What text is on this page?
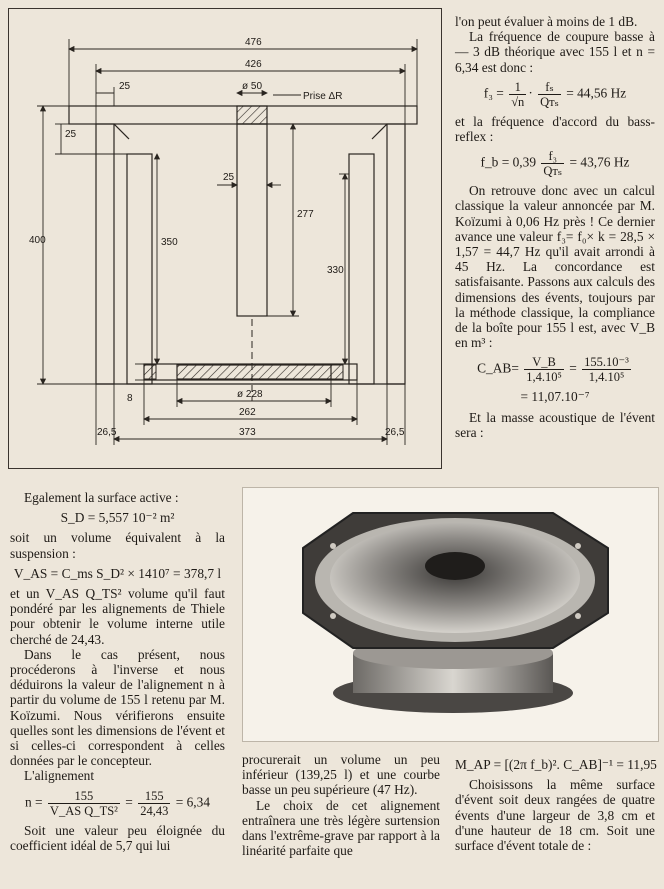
476
426
25	ø 50
Prise ΔR
25
400
25
277
350
330
8	ø 228
262
26,5	373	26,5

l'on peut évaluer à moins de 1 dB.

La fréquence de coupure basse à — 3 dB théorique avec 155 l et n = 6,34 est donc :

$f_3 = \frac{1}{√n} \cdot \frac{\text{fₛ}}{\text{Qᴛₛ}} = 44,56$ Hz

et la fréquence d'accord du bass-reflex :

f_b = $0,39 \frac{\text{f₃}}{\text{Qᴛₛ}} = 43,76$ Hz

On retrouve donc avec un calcul classique la valeur annoncée par M. Koïzumi à 0,06 Hz près ! Ce dernier avance une valeur f₃= f₀× k = 28,5 × 1,57 = 44,7 Hz qu'il avait arrondi à 45 Hz. La concordance est satisfaisante. Passons aux calculs des dimensions des évents, toujours par la méthode classique, la compliance de la boîte pour 155 l est, avec V_B en m³ :

C_AB= $\frac{V\_B}{\text{1,4.10⁵}} = \frac{\text{155.10⁻³}}{\text{1,4.10⁵}}$
= 11,07.10⁻⁷

Et la masse acoustique de l'évent sera :

Egalement la surface active :

S_D = 5,557 10⁻² m²

soit un volume équivalent à la suspension :

V_AS = C_ms S_D² × 1410⁷ = 378,7 l

et un V_AS Q_TS² volume qu'il faut pondéré par les alignements de Thiele pour obtenir le volume interne utile cherché de 24,43.

Dans le cas présent, nous procéderons à l'inverse et nous déduirons la valeur de l'alignement n à partir du volume de 155 l retenu par M. Koïzumi. Nous vérifierons ensuite quelles sont les dimensions de l'évent et si celles-ci correspondent à celles données par le concepteur.

L'alignement

$n = \frac{155}{\text{V\_AS Q\_TS²}} = \frac{155}{24,43} = 6,34$

Soit une valeur peu éloignée du coefficient idéal de 5,7 qui lui

procurerait un volume un peu inférieur (139,25 l) et une courbe basse un peu supérieure (47 Hz).

Le choix de cet alignement entraînera une très légère surtension dans l'extrême-grave par rapport à la linéarité parfaite que

M_AP = [(2π f_b)². C_AB]⁻¹ = 11,95

Choisissons la même surface d'évent soit deux rangées de quatre évents d'une largeur de 3,8 cm et d'une hauteur de 18 cm. Soit une surface d'évent totale de :
